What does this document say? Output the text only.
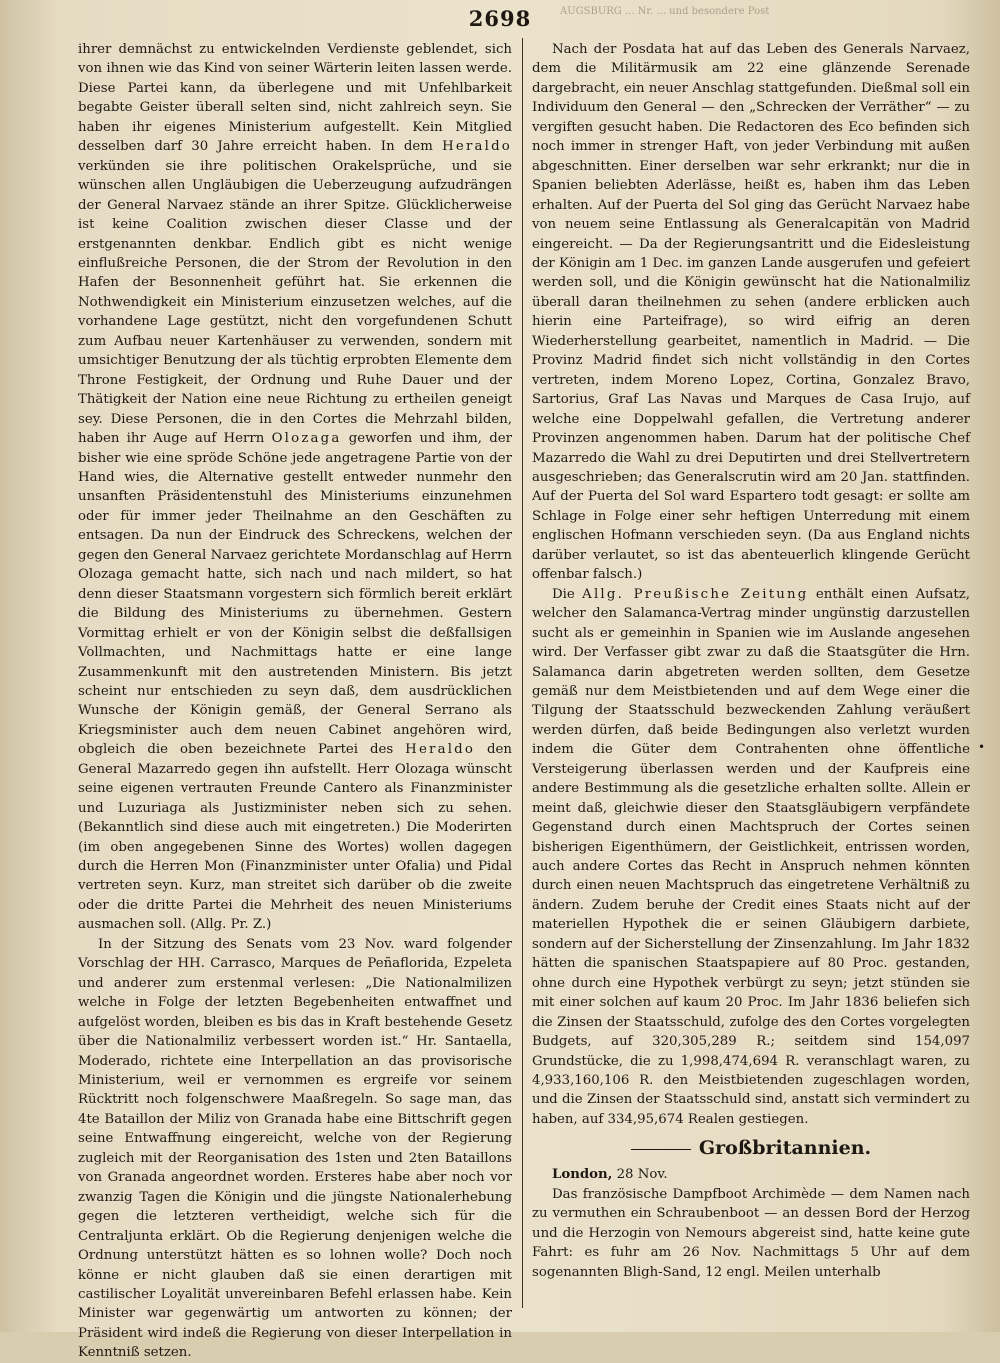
2698	AUGSBURG ... Nr. ... und besondere Post

ihrer demnächst zu entwickelnden Verdienste geblendet, sich von ihnen wie das Kind von seiner Wärterin leiten lassen werde. Diese Partei kann, da überlegene und mit Unfehlbarkeit begabte Geister überall selten sind, nicht zahlreich seyn. Sie haben ihr eigenes Ministerium aufgestellt. Kein Mitglied desselben darf 30 Jahre erreicht haben. In dem Heraldo verkünden sie ihre politischen Orakelsprüche, und sie wünschen allen Ungläubigen die Ueberzeugung aufzudrängen der General Narvaez stände an ihrer Spitze. Glücklicherweise ist keine Coalition zwischen dieser Classe und der erstgenannten denkbar. Endlich gibt es nicht wenige einflußreiche Personen, die der Strom der Revolution in den Hafen der Besonnenheit geführt hat. Sie erkennen die Nothwendigkeit ein Ministerium einzusetzen welches, auf die vorhandene Lage gestützt, nicht den vorgefundenen Schutt zum Aufbau neuer Kartenhäuser zu verwenden, sondern mit umsichtiger Benutzung der als tüchtig erprobten Elemente dem Throne Festigkeit, der Ordnung und Ruhe Dauer und der Thätigkeit der Nation eine neue Richtung zu ertheilen geneigt sey. Diese Personen, die in den Cortes die Mehrzahl bilden, haben ihr Auge auf Herrn Olozaga geworfen und ihm, der bisher wie eine spröde Schöne jede angetragene Partie von der Hand wies, die Alternative gestellt entweder nunmehr den unsanften Präsidentenstuhl des Ministeriums einzunehmen oder für immer jeder Theilnahme an den Geschäften zu entsagen. Da nun der Eindruck des Schreckens, welchen der gegen den General Narvaez gerichtete Mordanschlag auf Herrn Olozaga gemacht hatte, sich nach und nach mildert, so hat denn dieser Staatsmann vorgestern sich förmlich bereit erklärt die Bildung des Ministeriums zu übernehmen. Gestern Vormittag erhielt er von der Königin selbst die deßfallsigen Vollmachten, und Nachmittags hatte er eine lange Zusammenkunft mit den austretenden Ministern. Bis jetzt scheint nur entschieden zu seyn daß, dem ausdrücklichen Wunsche der Königin gemäß, der General Serrano als Kriegsminister auch dem neuen Cabinet angehören wird, obgleich die oben bezeichnete Partei des Heraldo den General Mazarredo gegen ihn aufstellt. Herr Olozaga wünscht seine eigenen vertrauten Freunde Cantero als Finanzminister und Luzuriaga als Justizminister neben sich zu sehen. (Bekanntlich sind diese auch mit eingetreten.) Die Moderirten (im oben angegebenen Sinne des Wortes) wollen dagegen durch die Herren Mon (Finanzminister unter Ofalia) und Pidal vertreten seyn. Kurz, man streitet sich darüber ob die zweite oder die dritte Partei die Mehrheit des neuen Ministeriums ausmachen soll. (Allg. Pr. Z.)

In der Sitzung des Senats vom 23 Nov. ward folgender Vorschlag der HH. Carrasco, Marques de Peñaflorida, Ezpeleta und anderer zum erstenmal verlesen: „Die Nationalmilizen welche in Folge der letzten Begebenheiten entwaffnet und aufgelöst worden, bleiben es bis das in Kraft bestehende Gesetz über die Nationalmiliz verbessert worden ist.“ Hr. Santaella, Moderado, richtete eine Interpellation an das provisorische Ministerium, weil er vernommen es ergreife vor seinem Rücktritt noch folgenschwere Maaßregeln. So sage man, das 4te Bataillon der Miliz von Granada habe eine Bittschrift gegen seine Entwaffnung eingereicht, welche von der Regierung zugleich mit der Reorganisation des 1sten und 2ten Bataillons von Granada angeordnet worden. Ersteres habe aber noch vor zwanzig Tagen die Königin und die jüngste Nationalerhebung gegen die letzteren vertheidigt, welche sich für die Centraljunta erklärt. Ob die Regierung denjenigen welche die Ordnung unterstützt hätten es so lohnen wolle? Doch noch könne er nicht glauben daß sie einen derartigen mit castilischer Loyalität unvereinbaren Befehl erlassen habe. Kein Minister war gegenwärtig um antworten zu können; der Präsident wird indeß die Regierung von dieser Interpellation in Kenntniß setzen.

Nach der Posdata hat auf das Leben des Generals Narvaez, dem die Militärmusik am 22 eine glänzende Serenade dargebracht, ein neuer Anschlag stattgefunden. Dießmal soll ein Individuum den General — den „Schrecken der Verräther“ — zu vergiften gesucht haben. Die Redactoren des Eco befinden sich noch immer in strenger Haft, von jeder Verbindung mit außen abgeschnitten. Einer derselben war sehr erkrankt; nur die in Spanien beliebten Aderlässe, heißt es, haben ihm das Leben erhalten. Auf der Puerta del Sol ging das Gerücht Narvaez habe von neuem seine Entlassung als Generalcapitän von Madrid eingereicht. — Da der Regierungsantritt und die Eidesleistung der Königin am 1 Dec. im ganzen Lande ausgerufen und gefeiert werden soll, und die Königin gewünscht hat die Nationalmiliz überall daran theilnehmen zu sehen (andere erblicken auch hierin eine Parteifrage), so wird eifrig an deren Wiederherstellung gearbeitet, namentlich in Madrid. — Die Provinz Madrid findet sich nicht vollständig in den Cortes vertreten, indem Moreno Lopez, Cortina, Gonzalez Bravo, Sartorius, Graf Las Navas und Marques de Casa Irujo, auf welche eine Doppelwahl gefallen, die Vertretung anderer Provinzen angenommen haben. Darum hat der politische Chef Mazarredo die Wahl zu drei Deputirten und drei Stellvertretern ausgeschrieben; das Generalscrutin wird am 20 Jan. stattfinden. Auf der Puerta del Sol ward Espartero todt gesagt: er sollte am Schlage in Folge einer sehr heftigen Unterredung mit einem englischen Hofmann verschieden seyn. (Da aus England nichts darüber verlautet, so ist das abenteuerlich klingende Gerücht offenbar falsch.)

Die Allg. Preußische Zeitung enthält einen Aufsatz, welcher den Salamanca-Vertrag minder ungünstig darzustellen sucht als er gemeinhin in Spanien wie im Auslande angesehen wird. Der Verfasser gibt zwar zu daß die Staatsgüter die Hrn. Salamanca darin abgetreten werden sollten, dem Gesetze gemäß nur dem Meistbietenden und auf dem Wege einer die Tilgung der Staatsschuld bezweckenden Zahlung veräußert werden dürfen, daß beide Bedingungen also verletzt wurden indem die Güter dem Contrahenten ohne öffentliche Versteigerung überlassen werden und der Kaufpreis eine andere Bestimmung als die gesetzliche erhalten sollte. Allein er meint daß, gleichwie dieser den Staatsgläubigern verpfändete Gegenstand durch einen Machtspruch der Cortes seinen bisherigen Eigenthümern, der Geistlichkeit, entrissen worden, auch andere Cortes das Recht in Anspruch nehmen könnten durch einen neuen Machtspruch das eingetretene Verhältniß zu ändern. Zudem beruhe der Credit eines Staats nicht auf der materiellen Hypothek die er seinen Gläubigern darbiete, sondern auf der Sicherstellung der Zinsenzahlung. Im Jahr 1832 hätten die spanischen Staatspapiere auf 80 Proc. gestanden, ohne durch eine Hypothek verbürgt zu seyn; jetzt stünden sie mit einer solchen auf kaum 20 Proc. Im Jahr 1836 beliefen sich die Zinsen der Staatsschuld, zufolge des den Cortes vorgelegten Budgets, auf 320,305,289 R.; seitdem sind 154,097 Grundstücke, die zu 1,998,474,694 R. veranschlagt waren, zu 4,933,160,106 R. den Meistbietenden zugeschlagen worden, und die Zinsen der Staatsschuld sind, anstatt sich vermindert zu haben, auf 334,95,674 Realen gestiegen.

Großbritannien.

London, 28 Nov.

Das französische Dampfboot Archimède — dem Namen nach zu vermuthen ein Schraubenboot — an dessen Bord der Herzog und die Herzogin von Nemours abgereist sind, hatte keine gute Fahrt: es fuhr am 26 Nov. Nachmittags 5 Uhr auf dem sogenannten Bligh-Sand, 12 engl. Meilen unterhalb

•
